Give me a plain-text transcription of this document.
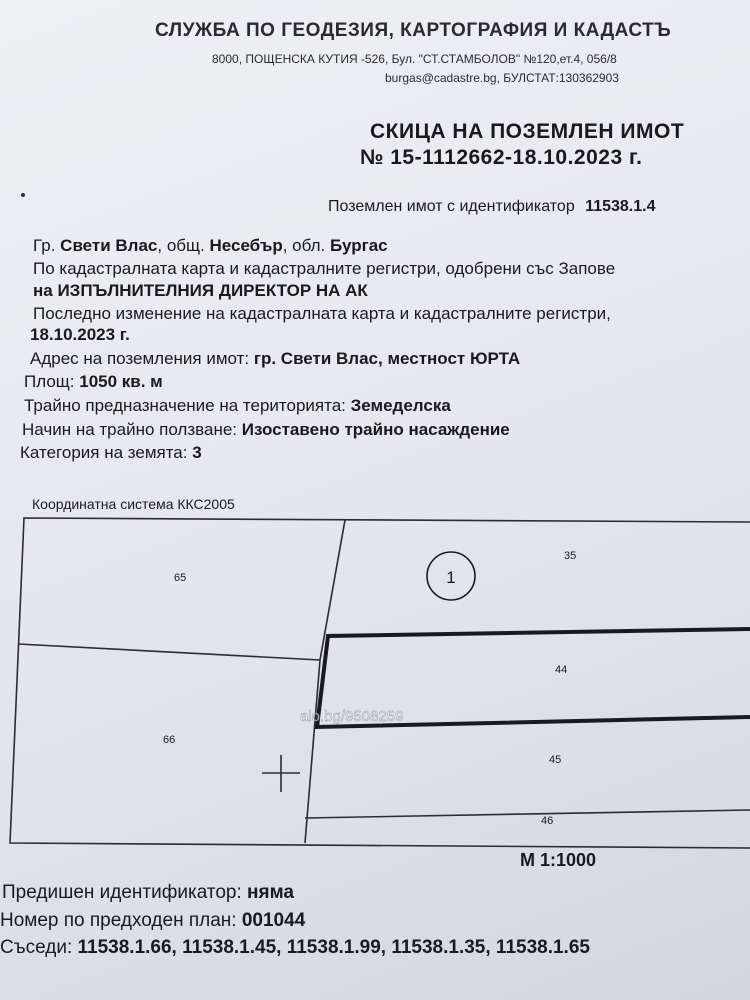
СЛУЖБА ПО ГЕОДЕЗИЯ, КАРТОГРАФИЯ И КАДАСТЪ
8000, ПОЩЕНСКА КУТИЯ -526, Бул. "СТ.СТАМБОЛОВ" №120,ет.4, 056/8
burgas@cadastre.bg, БУЛСТАТ:130362903
СКИЦА НА ПОЗЕМЛЕН ИМОТ
№ 15-1112662-18.10.2023 г.
Поземлен имот с идентификатор 11538.1.4
Гр. Свети Влас, общ. Несебър, обл. Бургас
По кадастралната карта и кадастралните регистри, одобрени със Запове
на ИЗПЪЛНИТЕЛНИЯ ДИРЕКТОР НА АК
Последно изменение на кадастралната карта и кадастралните регистри,
18.10.2023 г.
Адрес на поземления имот: гр. Свети Влас, местност ЮРТА
Площ: 1050 кв. м
Трайно предназначение на територията: Земеделска
Начин на трайно ползване: Изоставено трайно насаждение
Категория на земята: 3
Координатна система ККС2005
1
65
66
35
44
45
46
alo.bg/9508259
М 1:1000
Предишен идентификатор: няма
Номер по предходен план: 001044
Съседи: 11538.1.66, 11538.1.45, 11538.1.99, 11538.1.35, 11538.1.65
